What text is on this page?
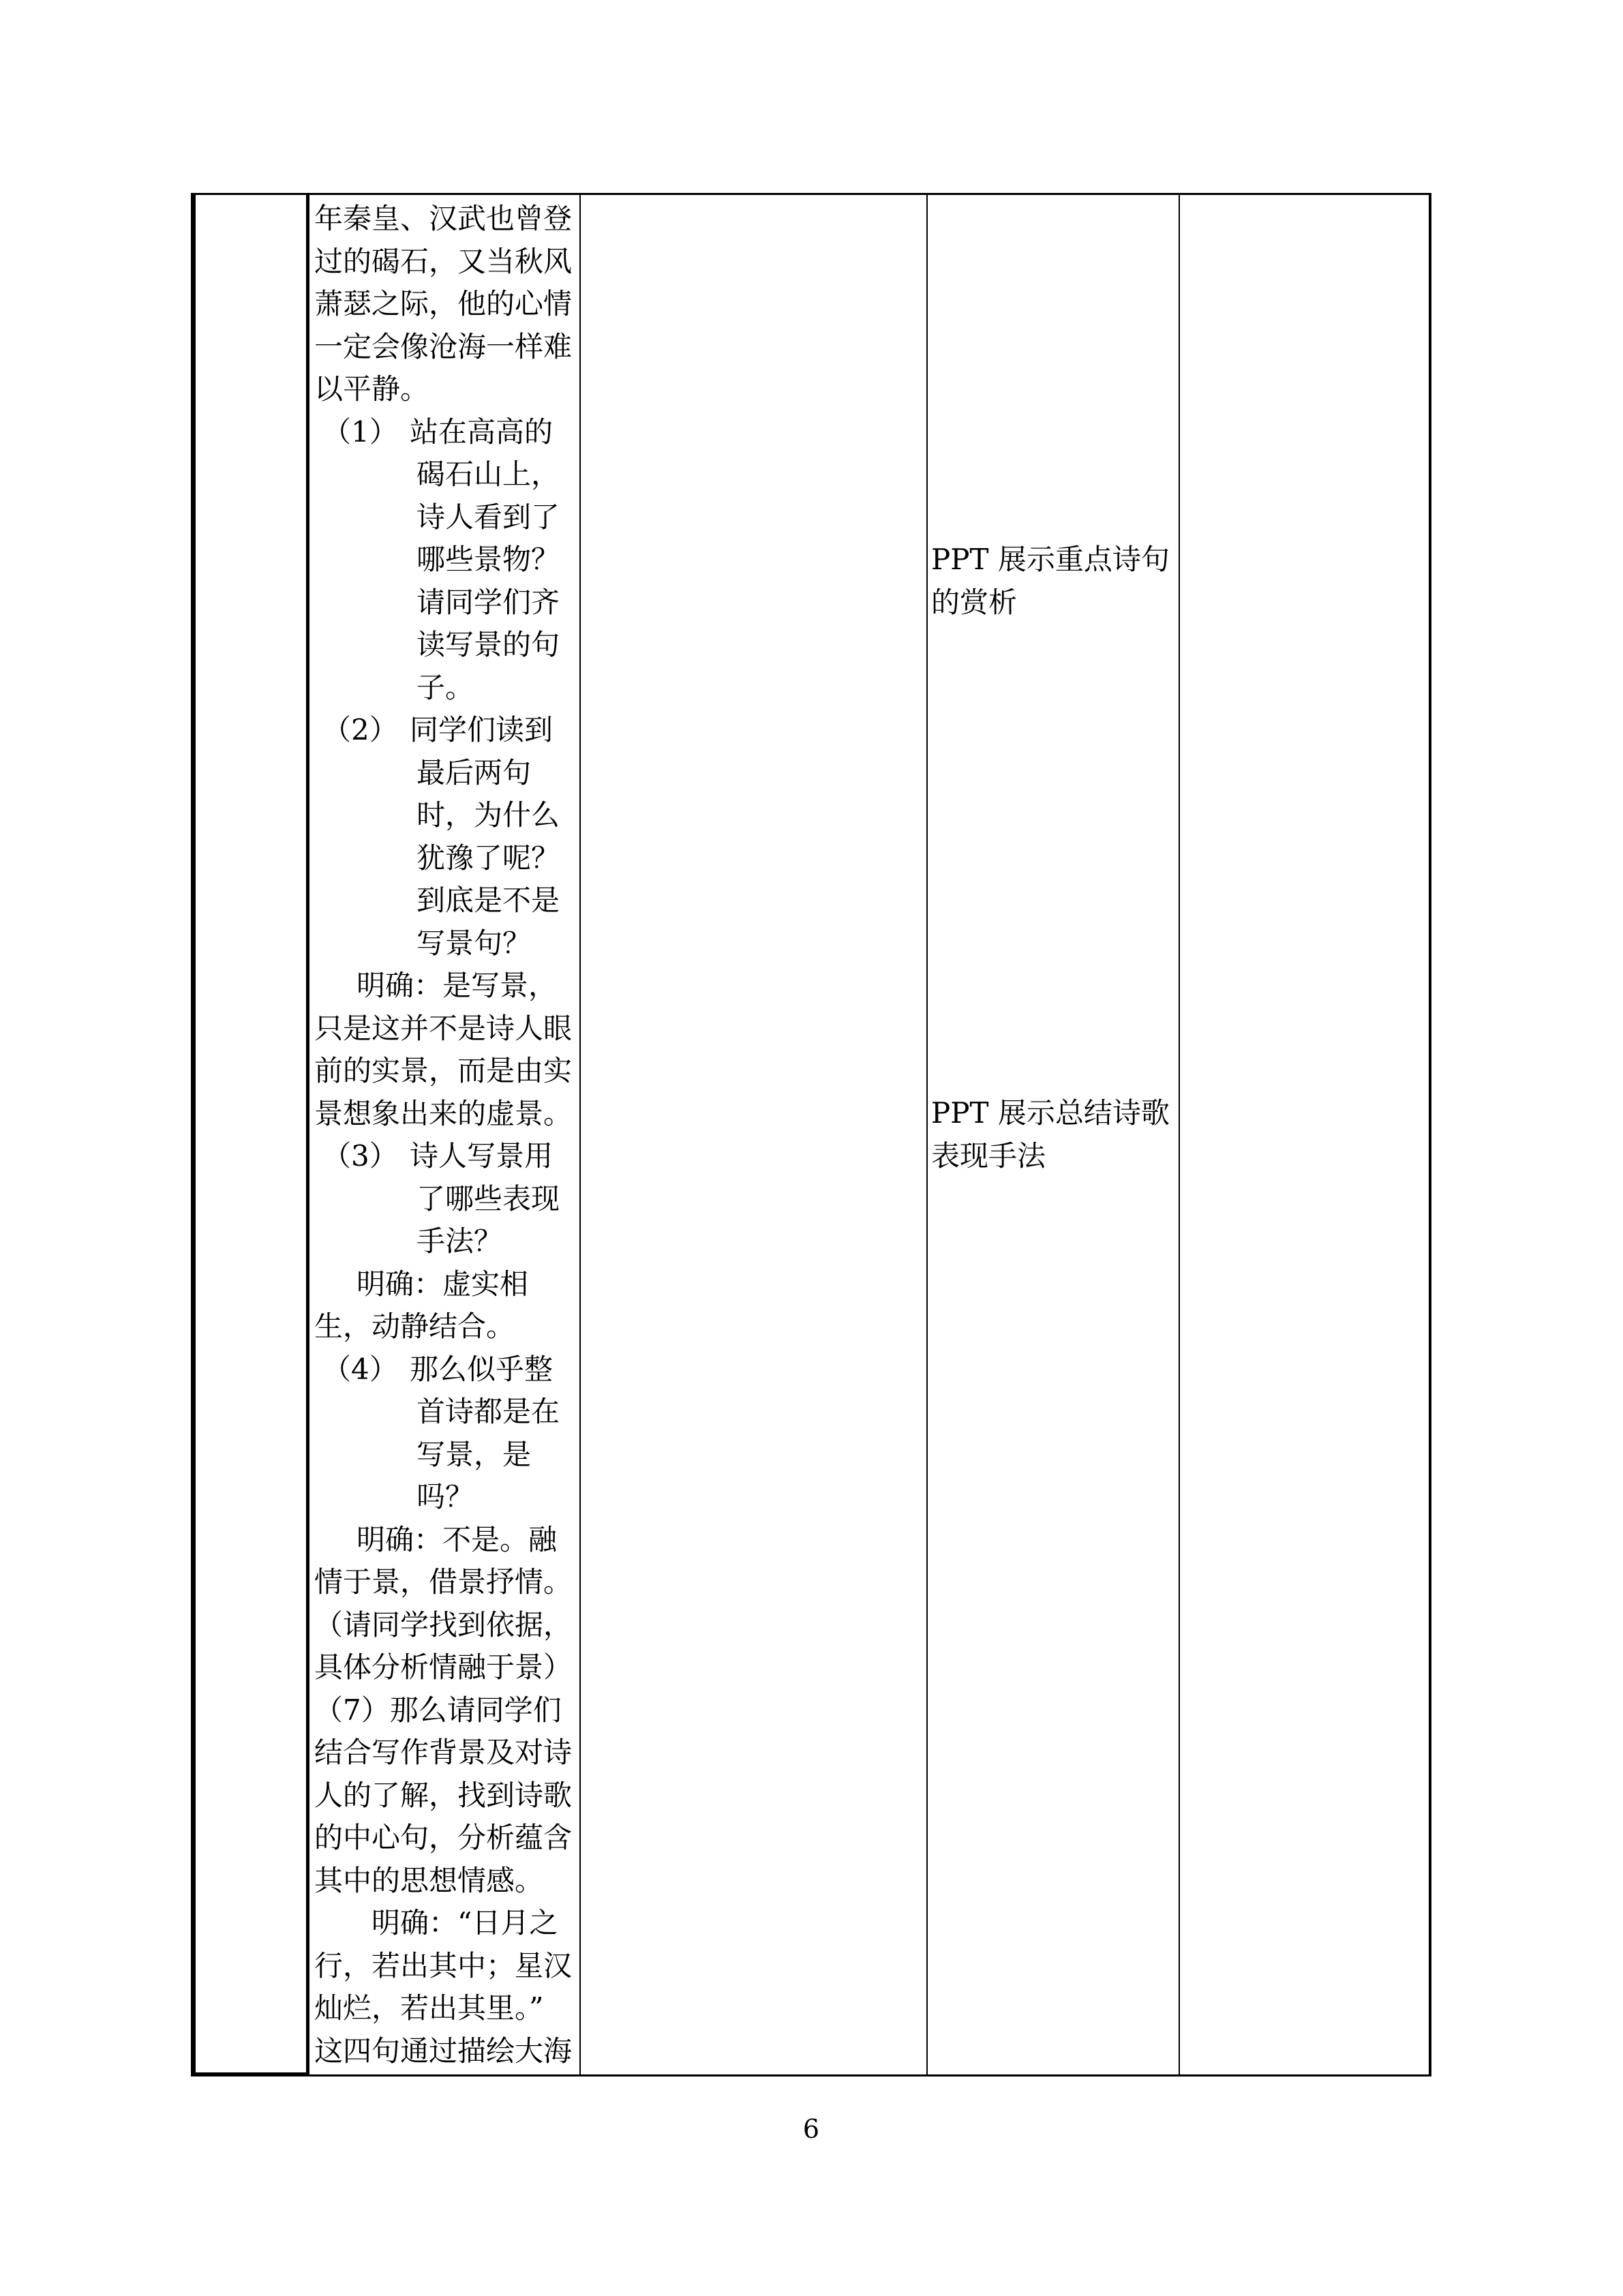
年秦皇、汉武也曾登
过的碣石，又当秋风
萧瑟之际，他的心情
一定会像沧海一样难
以平静。
（1） 站在高高的
碣石山上，
诗人看到了
哪些景物？
请同学们齐
读写景的句
子。
（2） 同学们读到
最后两句
时，为什么
犹豫了呢？
到底是不是
写景句？
明确：是写景，
只是这并不是诗人眼
前的实景，而是由实
景想象出来的虚景。
（3） 诗人写景用
了哪些表现
手法？
明确：虚实相
生，动静结合。
（4） 那么似乎整
首诗都是在
写景，是
吗？
明确：不是。融
情于景，借景抒情。
（请同学找到依据，
具体分析情融于景）
（7）那么请同学们
结合写作背景及对诗
人的了解，找到诗歌
的中心句，分析蕴含
其中的思想情感。
明确：“日月之
行，若出其中；星汉
灿烂，若出其里。”
这四句通过描绘大海
PPT 展示重点诗句
的赏析
PPT 展示总结诗歌
表现手法
6
